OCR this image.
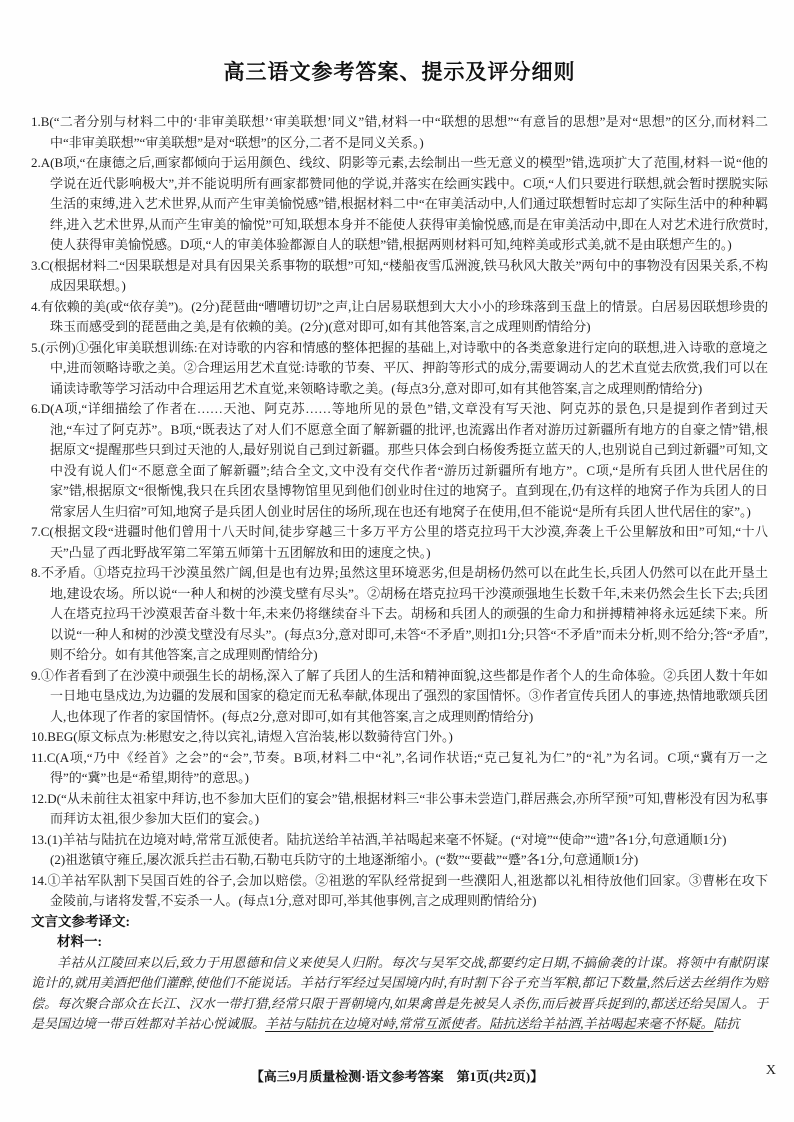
高三语文参考答案、提示及评分细则
1.B(“二者分别与材料二中的‘非审美联想’‘审美联想’同义”错,材料一中“联想的思想”“有意旨的思想”是对“思想”的区分,而材料二中“非审美联想”“审美联想”是对“联想”的区分,二者不是同义关系。)
2.A(B项,“在康德之后,画家都倾向于运用颜色、线纹、阴影等元素,去绘制出一些无意义的模型”错,选项扩大了范围,材料一说“他的学说在近代影响极大”,并不能说明所有画家都赞同他的学说,并落实在绘画实践中。C项,“人们只要进行联想,就会暂时摆脱实际生活的束缚,进入艺术世界,从而产生审美愉悦感”错,根据材料二中“在审美活动中,人们通过联想暂时忘却了实际生活中的种种羁绊,进入艺术世界,从而产生审美的愉悦”可知,联想本身并不能使人获得审美愉悦感,而是在审美活动中,即在人对艺术进行欣赏时,使人获得审美愉悦感。D项,“人的审美体验都源自人的联想”错,根据两则材料可知,纯粹美或形式美,就不是由联想产生的。)
3.C(根据材料二“因果联想是对具有因果关系事物的联想”可知,“楼船夜雪瓜洲渡,铁马秋风大散关”两句中的事物没有因果关系,不构成因果联想。)
4.有依赖的美(或“依存美”)。(2分)琵琶曲“嘈嘈切切”之声,让白居易联想到大大小小的珍珠落到玉盘上的情景。白居易因联想珍贵的珠玉而感受到的琵琶曲之美,是有依赖的美。(2分)(意对即可,如有其他答案,言之成理则酌情给分)
5.(示例)①强化审美联想训练:在对诗歌的内容和情感的整体把握的基础上,对诗歌中的各类意象进行定向的联想,进入诗歌的意境之中,进而领略诗歌之美。②合理运用艺术直觉:诗歌的节奏、平仄、押韵等形式的成分,需要调动人的艺术直觉去欣赏,我们可以在诵读诗歌等学习活动中合理运用艺术直觉,来领略诗歌之美。(每点3分,意对即可,如有其他答案,言之成理则酌情给分)
6.D(A项,“详细描绘了作者在……天池、阿克苏……等地所见的景色”错,文章没有写天池、阿克苏的景色,只是提到作者到过天池,“车过了阿克苏”。B项,“既表达了对人们不愿意全面了解新疆的批评,也流露出作者对游历过新疆所有地方的自豪之情”错,根据原文“提醒那些只到过天池的人,最好别说自己到过新疆。那些只体会到白杨俊秀挺立蓝天的人,也别说自己到过新疆”可知,文中没有说人们“不愿意全面了解新疆”;结合全文,文中没有交代作者“游历过新疆所有地方”。C项,“是所有兵团人世代居住的家”错,根据原文“很惭愧,我只在兵团农垦博物馆里见到他们创业时住过的地窝子。直到现在,仍有这样的地窝子作为兵团人的日常家居人生归宿”可知,地窝子是兵团人创业时居住的场所,现在也还有地窝子在使用,但不能说“是所有兵团人世代居住的家”。)
7.C(根据文段“进疆时他们曾用十八天时间,徒步穿越三十多万平方公里的塔克拉玛干大沙漠,奔袭上千公里解放和田”可知,“十八天”凸显了西北野战军第二军第五师第十五团解放和田的速度之快。)
8.不矛盾。①塔克拉玛干沙漠虽然广阔,但是也有边界;虽然这里环境恶劣,但是胡杨仍然可以在此生长,兵团人仍然可以在此开垦土地,建设农场。所以说“一种人和树的沙漠戈壁有尽头”。②胡杨在塔克拉玛干沙漠顽强地生长数千年,未来仍然会生长下去;兵团人在塔克拉玛干沙漠艰苦奋斗数十年,未来仍将继续奋斗下去。胡杨和兵团人的顽强的生命力和拼搏精神将永远延续下来。所以说“一种人和树的沙漠戈壁没有尽头”。(每点3分,意对即可,未答“不矛盾”,则扣1分;只答“不矛盾”而未分析,则不给分;答“矛盾”,则不给分。如有其他答案,言之成理则酌情给分)
9.①作者看到了在沙漠中顽强生长的胡杨,深入了解了兵团人的生活和精神面貌,这些都是作者个人的生命体验。②兵团人数十年如一日地屯垦戍边,为边疆的发展和国家的稳定而无私奉献,体现出了强烈的家国情怀。③作者宣传兵团人的事迹,热情地歌颂兵团人,也体现了作者的家国情怀。(每点2分,意对即可,如有其他答案,言之成理则酌情给分)
10.BEG(原文标点为:彬慰安之,待以宾礼,请煜入宫治装,彬以数骑待宫门外。)
11.C(A项,“乃中《经首》之会”的“会”,节奏。B项,材料二中“礼”,名词作状语;“克己复礼为仁”的“礼”为名词。C项,“冀有万一之得”的“冀”也是“希望,期待”的意思。)
12.D(“从未前往太祖家中拜访,也不参加大臣们的宴会”错,根据材料三“非公事未尝造门,群居燕会,亦所罕预”可知,曹彬没有因为私事而拜访太祖,很少参加大臣们的宴会。)
13.(1)羊祜与陆抗在边境对峙,常常互派使者。陆抗送给羊祜酒,羊祜喝起来毫不怀疑。(“对境”“使命”“遗”各1分,句意通顺1分)
(2)祖逖镇守雍丘,屡次派兵拦击石勒,石勒屯兵防守的土地逐渐缩小。(“数”“要截”“蹙”各1分,句意通顺1分)
14.①羊祜军队割下吴国百姓的谷子,会加以赔偿。②祖逖的军队经常捉到一些濮阳人,祖逖都以礼相待放他们回家。③曹彬在攻下金陵前,与诸将发誓,不妄杀一人。(每点1分,意对即可,举其他事例,言之成理则酌情给分)
文言文参考译文:
材料一:
羊祜从江陵回来以后,致力于用恩德和信义来使吴人归附。每次与吴军交战,都要约定日期,不搞偷袭的计谋。将领中有献阴谋诡计的,就用美酒把他们灌醉,使他们不能说话。羊祜行军经过吴国境内时,有时割下谷子充当军粮,都记下数量,然后送去丝绢作为赔偿。每次聚合部众在长江、汉水一带打猎,经常只限于晋朝境内,如果禽兽是先被吴人杀伤,而后被晋兵捉到的,都送还给吴国人。于是吴国边境一带百姓都对羊祜心悦诚服。羊祜与陆抗在边境对峙,常常互派使者。陆抗送给羊祜酒,羊祜喝起来毫不怀疑。陆抗
【高三9月质量检测·语文参考答案　第1页(共2页)】	X
